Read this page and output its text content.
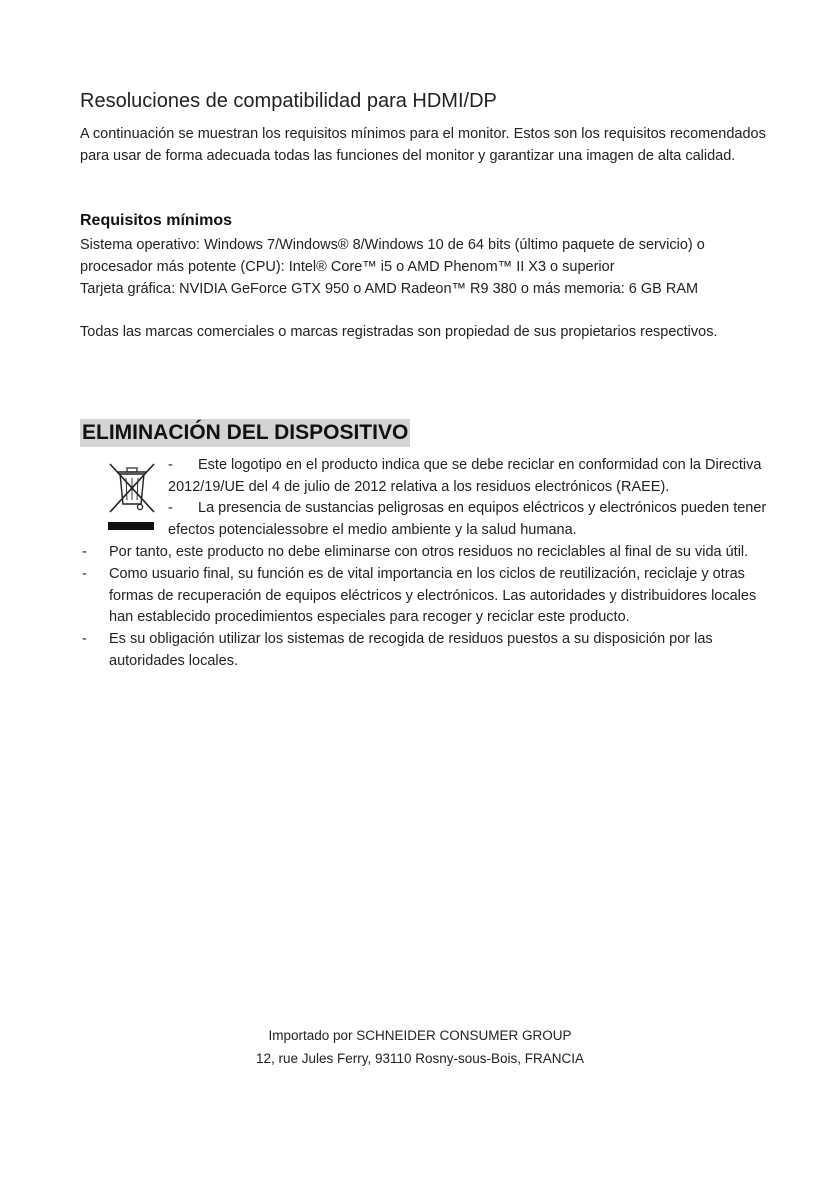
Resoluciones de compatibilidad para HDMI/DP

A continuación se muestran los requisitos mínimos para el monitor. Estos son los requisitos recomendados para usar de forma adecuada todas las funciones del monitor y garantizar una imagen de alta calidad.

Requisitos mínimos
Sistema operativo: Windows 7/Windows® 8/Windows 10 de 64 bits (último paquete de servicio) o
procesador más potente (CPU): Intel® Core™ i5 o AMD Phenom™ II X3 o superior
Tarjeta gráfica: NVIDIA GeForce GTX 950 o AMD Radeon™ R9 380 o más memoria: 6 GB RAM

Todas las marcas comerciales o marcas registradas son propiedad de sus propietarios respectivos.

ELIMINACIÓN DEL DISPOSITIVO

- Este logotipo en el producto indica que se debe reciclar en conformidad con la Directiva 2012/19/UE del 4 de julio de 2012 relativa a los residuos electrónicos (RAEE).

- La presencia de sustancias peligrosas en equipos eléctricos y electrónicos pueden tener efectos potencialessobre el medio ambiente y la salud humana.

- Por tanto, este producto no debe eliminarse con otros residuos no reciclables al final de su vida útil.
- Como usuario final, su función es de vital importancia en los ciclos de reutilización, reciclaje y otras formas de recuperación de equipos eléctricos y electrónicos. Las autoridades y distribuidores locales han establecido procedimientos especiales para recoger y reciclar este producto.
- Es su obligación utilizar los sistemas de recogida de residuos puestos a su disposición por las autoridades locales.
Importado por SCHNEIDER CONSUMER GROUP
12, rue Jules Ferry, 93110 Rosny-sous-Bois, FRANCIA
